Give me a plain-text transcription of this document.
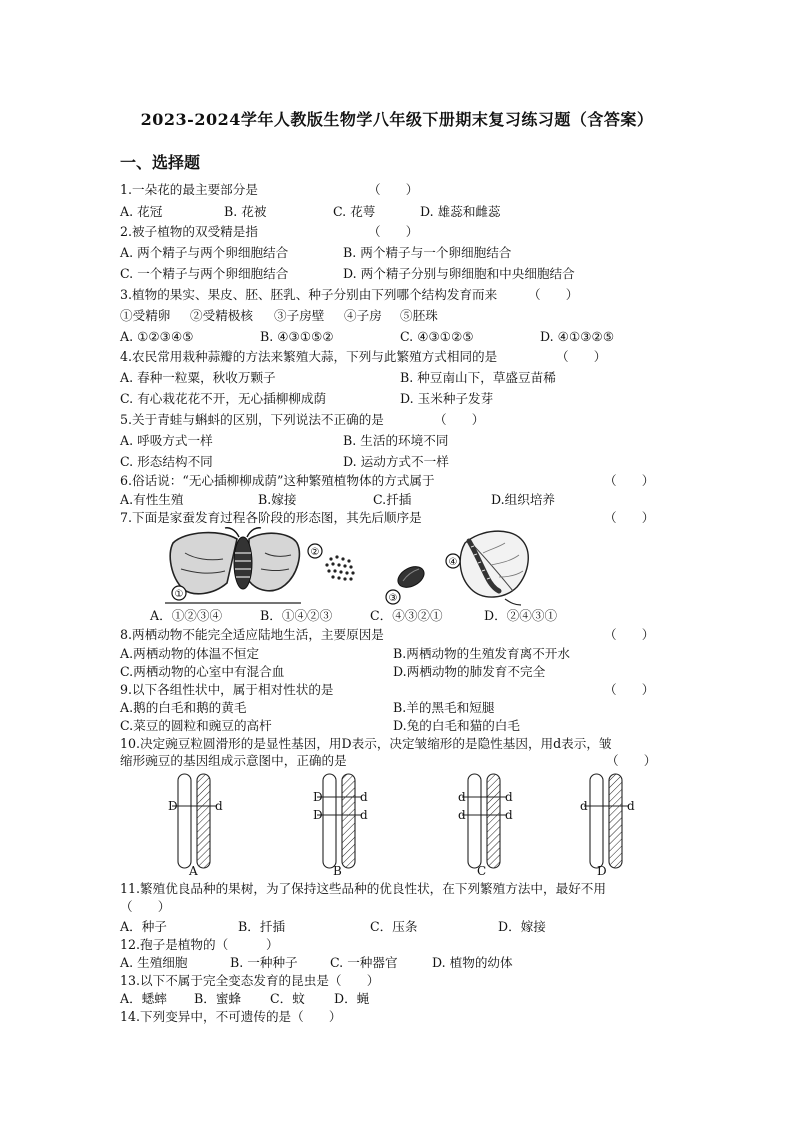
2023-2024学年人教版生物学八年级下册期末复习练习题（含答案）
一、选择题
1.一朵花的最主要部分是	（　　）
A. 花冠	B. 花被	C. 花萼	D. 雄蕊和雌蕊
2.被子植物的双受精是指	（　　）
A. 两个精子与两个卵细胞结合	B. 两个精子与一个卵细胞结合
C. 一个精子与两个卵细胞结合	D. 两个精子分别与卵细胞和中央细胞结合
3.植物的果实、果皮、胚、胚乳、种子分别由下列哪个结构发育而来 （　　）
①受精卵 ②受精极核 ③子房壁 ④子房 ⑤胚珠
A. ①②③④⑤	B. ④③①⑤②	C. ④③①②⑤	D. ④①③②⑤
4.农民常用栽种蒜瓣的方法来繁殖大蒜，下列与此繁殖方式相同的是	（　　）
A. 春种一粒粟，秋收万颗子	B. 种豆南山下，草盛豆苗稀
C. 有心栽花花不开，无心插柳柳成荫	D. 玉米种子发芽
5.关于青蛙与蝌蚪的区别，下列说法不正确的是	（　　）
A. 呼吸方式一样	B. 生活的环境不同
C. 形态结构不同	D. 运动方式不一样
6.俗话说：“无心插柳柳成荫”这种繁殖植物体的方式属于	（　　）
A.有性生殖	B.嫁接	C.扦插	D.组织培养
7.下面是家蚕发育过程各阶段的形态图，其先后顺序是	（　　）
①
②
③
④
A．①②③④	B．①④②③	C．④③②①	D．②④③①
8.两栖动物不能完全适应陆地生活，主要原因是	（　　）
A.两栖动物的体温不恒定	B.两栖动物的生殖发育离不开水
C.两栖动物的心室中有混合血	D.两栖动物的肺发育不完全
9.以下各组性状中，属于相对性状的是	（　　）
A.鹅的白毛和鹅的黄毛	B.羊的黑毛和短腿
C.菜豆的圆粒和豌豆的高杆	D.兔的白毛和猫的白毛
10.决定豌豆粒圆滑形的是显性基因，用D表示，决定皱缩形的是隐性基因，用d表示，皱
缩形豌豆的基因组成示意图中，正确的是	（　　）
D	d
D
D
d
d
d
d
d
d
d	d
A	B	C	D
11.繁殖优良品种的果树，为了保持这些品种的优良性状，在下列繁殖方法中，最好不用
（　　）
A．种子	B．扦插	C．压条	D．嫁接
12.孢子是植物的（　　　）
A. 生殖细胞	B. 一种种子	C. 一种器官	D. 植物的幼体
13.以下不属于完全变态发育的昆虫是（　　）
A．蟋蟀 B．蜜蜂 C．蚊 D．蝇
14.下列变异中，不可遗传的是（　　）
